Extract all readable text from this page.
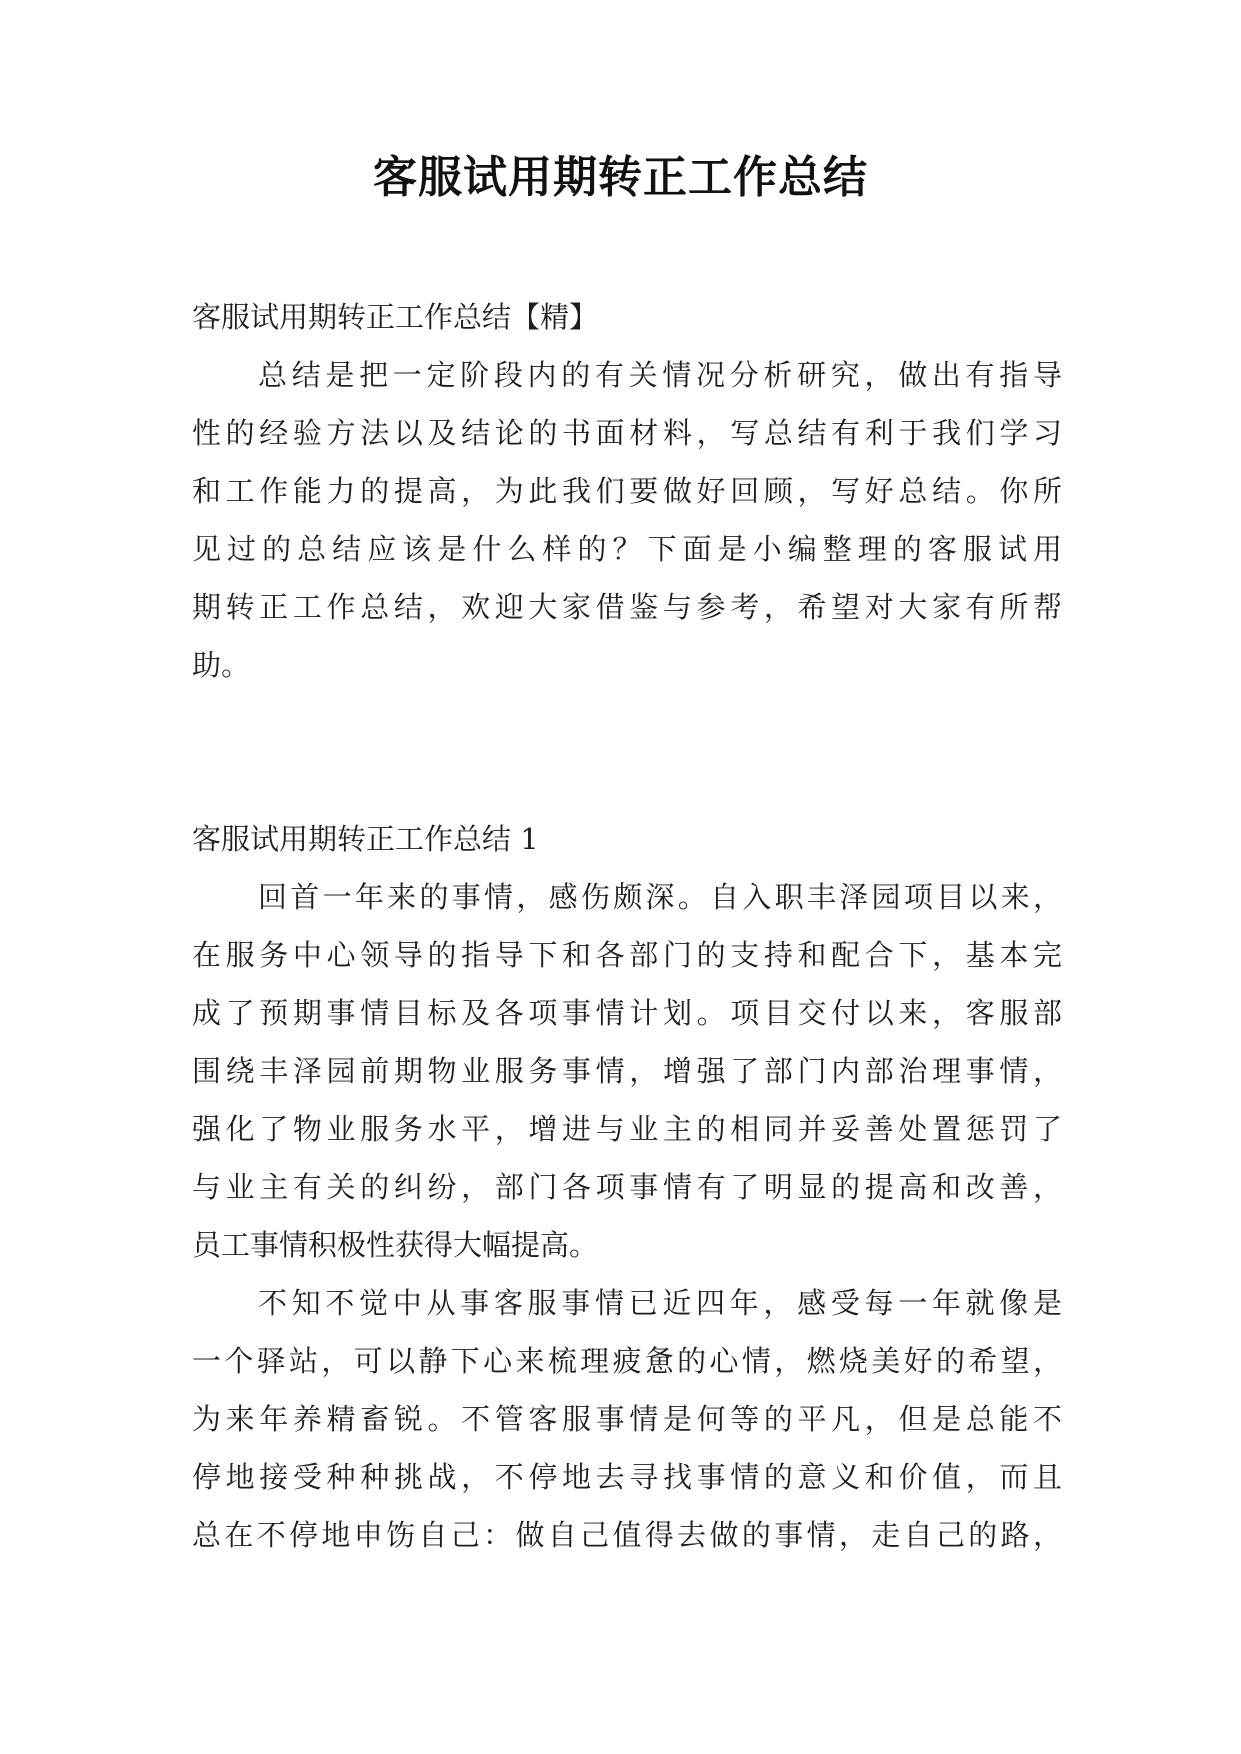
客服试用期转正工作总结
客服试用期转正工作总结【精】
总结是把一定阶段内的有关情况分析研究，做出有指导
性的经验方法以及结论的书面材料，写总结有利于我们学习
和工作能力的提高，为此我们要做好回顾，写好总结。你所
见过的总结应该是什么样的？下面是小编整理的客服试用
期转正工作总结，欢迎大家借鉴与参考，希望对大家有所帮
助。
客服试用期转正工作总结 1
回首一年来的事情，感伤颇深。自入职丰泽园项目以来，
在服务中心领导的指导下和各部门的支持和配合下，基本完
成了预期事情目标及各项事情计划。项目交付以来，客服部
围绕丰泽园前期物业服务事情，增强了部门内部治理事情，
强化了物业服务水平，增进与业主的相同并妥善处置惩罚了
与业主有关的纠纷，部门各项事情有了明显的提高和改善，
员工事情积极性获得大幅提高。
不知不觉中从事客服事情已近四年，感受每一年就像是
一个驿站，可以静下心来梳理疲惫的心情，燃烧美好的希望，
为来年养精畜锐。不管客服事情是何等的平凡，但是总能不
停地接受种种挑战，不停地去寻找事情的意义和价值，而且
总在不停地申饬自己：做自己值得去做的事情，走自己的路，
